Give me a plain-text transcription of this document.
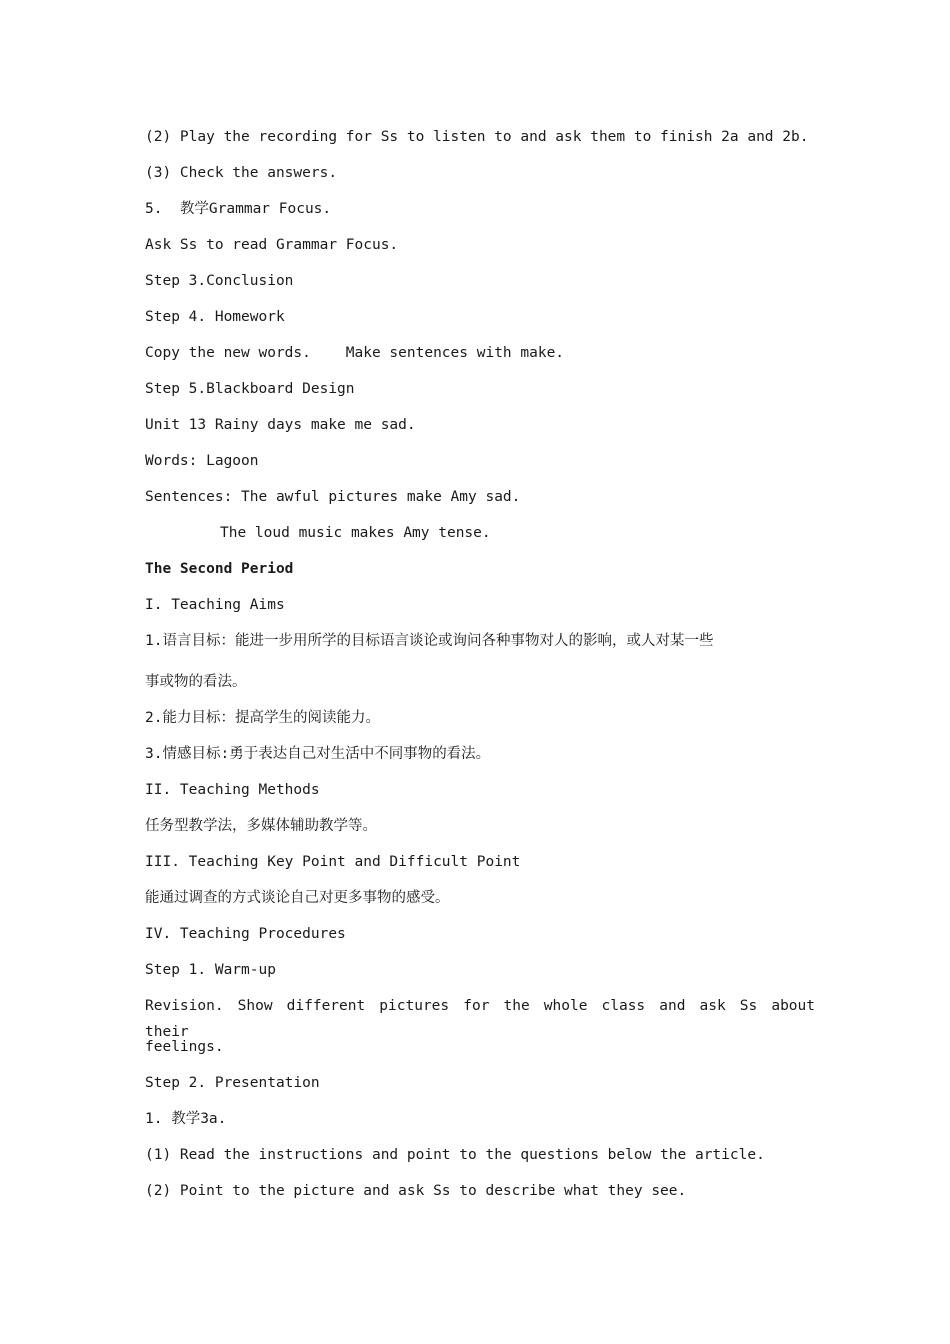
(2) Play the recording for Ss to listen to and ask them to finish 2a and 2b.
(3) Check the answers.
5.  教学Grammar Focus.
Ask Ss to read Grammar Focus.
Step 3.Conclusion
Step 4. Homework
Copy the new words.    Make sentences with make.
Step 5.Blackboard Design
Unit 13 Rainy days make me sad.
Words: Lagoon
Sentences: The awful pictures make Amy sad.
The loud music makes Amy tense.
The Second Period
I. Teaching Aims
1.语言目标：能进一步用所学的目标语言谈论或询问各种事物对人的影响，或人对某一些
事或物的看法。
2.能力目标：提高学生的阅读能力。
3.情感目标:勇于表达自己对生活中不同事物的看法。
II. Teaching Methods
任务型教学法，多媒体辅助教学等。
III. Teaching Key Point and Difficult Point
能通过调查的方式谈论自己对更多事物的感受。
IV. Teaching Procedures
Step 1. Warm-up
Revision. Show different pictures for the whole class and ask Ss about their
feelings.
Step 2. Presentation
1. 教学3a.
(1) Read the instructions and point to the questions below the article.
(2) Point to the picture and ask Ss to describe what they see.
